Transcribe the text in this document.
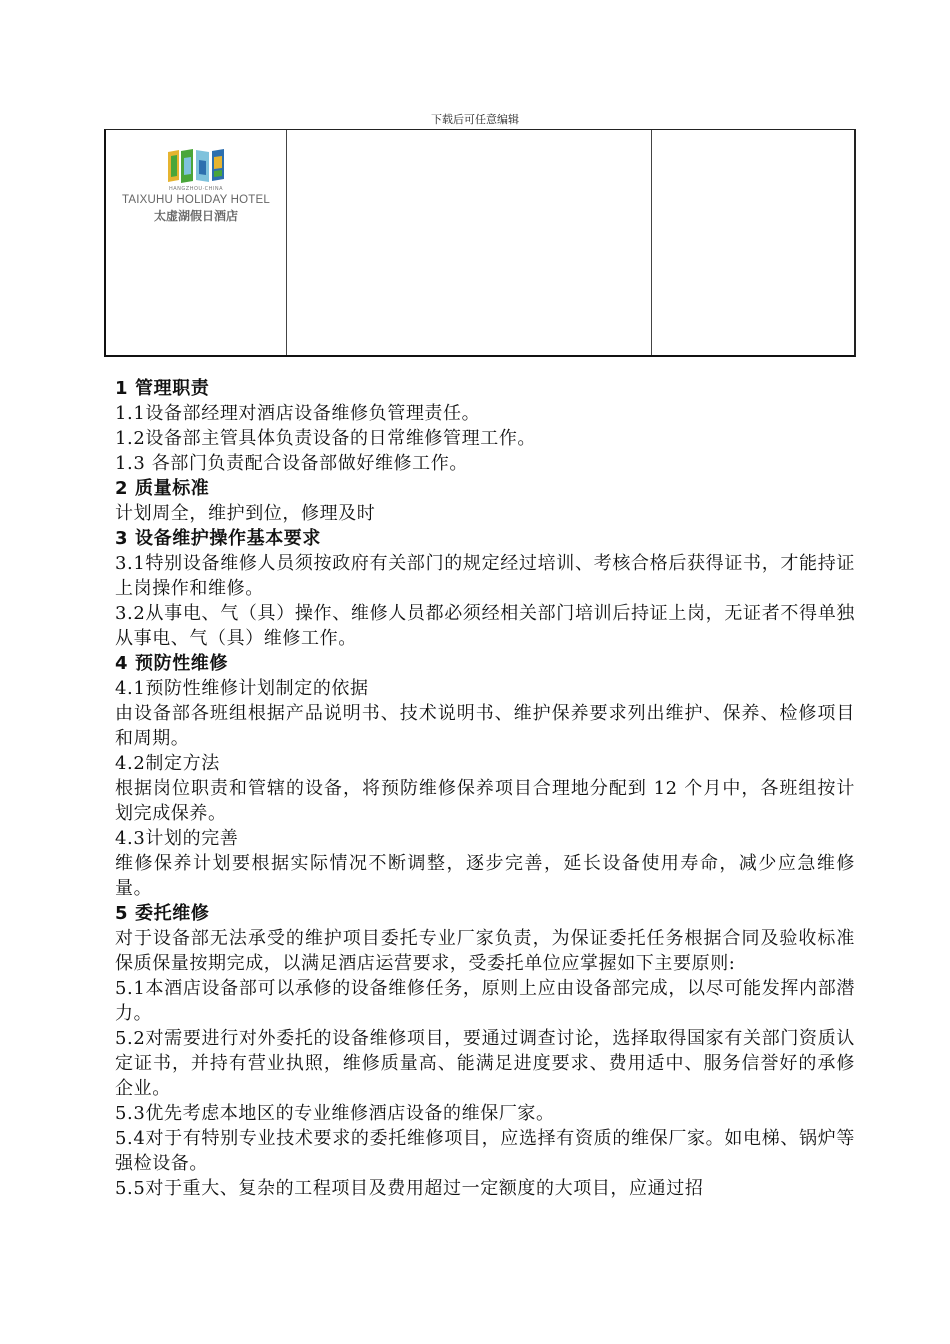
下载后可任意编辑
HANGZHOU·CHINA
TAIXUHU HOLIDAY HOTEL
太虚湖假日酒店
1 管理职责

1.1设备部经理对酒店设备维修负管理责任。

1.2设备部主管具体负责设备的日常维修管理工作。

1.3 各部门负责配合设备部做好维修工作。

2 质量标准

计划周全，维护到位，修理及时

3 设备维护操作基本要求

3.1特别设备维修人员须按政府有关部门的规定经过培训、考核合格后获得证书，才能持证上岗操作和维修。

3.2从事电、气（具）操作、维修人员都必须经相关部门培训后持证上岗，无证者不得单独从事电、气（具）维修工作。

4 预防性维修

4.1预防性维修计划制定的依据

由设备部各班组根据产品说明书、技术说明书、维护保养要求列出维护、保养、检修项目和周期。

4.2制定方法

根据岗位职责和管辖的设备，将预防维修保养项目合理地分配到 12 个月中，各班组按计划完成保养。

4.3计划的完善

维修保养计划要根据实际情况不断调整，逐步完善，延长设备使用寿命，减少应急维修量。

5 委托维修

对于设备部无法承受的维护项目委托专业厂家负责，为保证委托任务根据合同及验收标准保质保量按期完成，以满足酒店运营要求，受委托单位应掌握如下主要原则:

5.1本酒店设备部可以承修的设备维修任务，原则上应由设备部完成，以尽可能发挥内部潜力。

5.2对需要进行对外委托的设备维修项目，要通过调查讨论，选择取得国家有关部门资质认定证书，并持有营业执照，维修质量高、能满足进度要求、费用适中、服务信誉好的承修企业。

5.3优先考虑本地区的专业维修酒店设备的维保厂家。

5.4对于有特别专业技术要求的委托维修项目，应选择有资质的维保厂家。如电梯、锅炉等强检设备。

5.5对于重大、复杂的工程项目及费用超过一定额度的大项目，应通过招
